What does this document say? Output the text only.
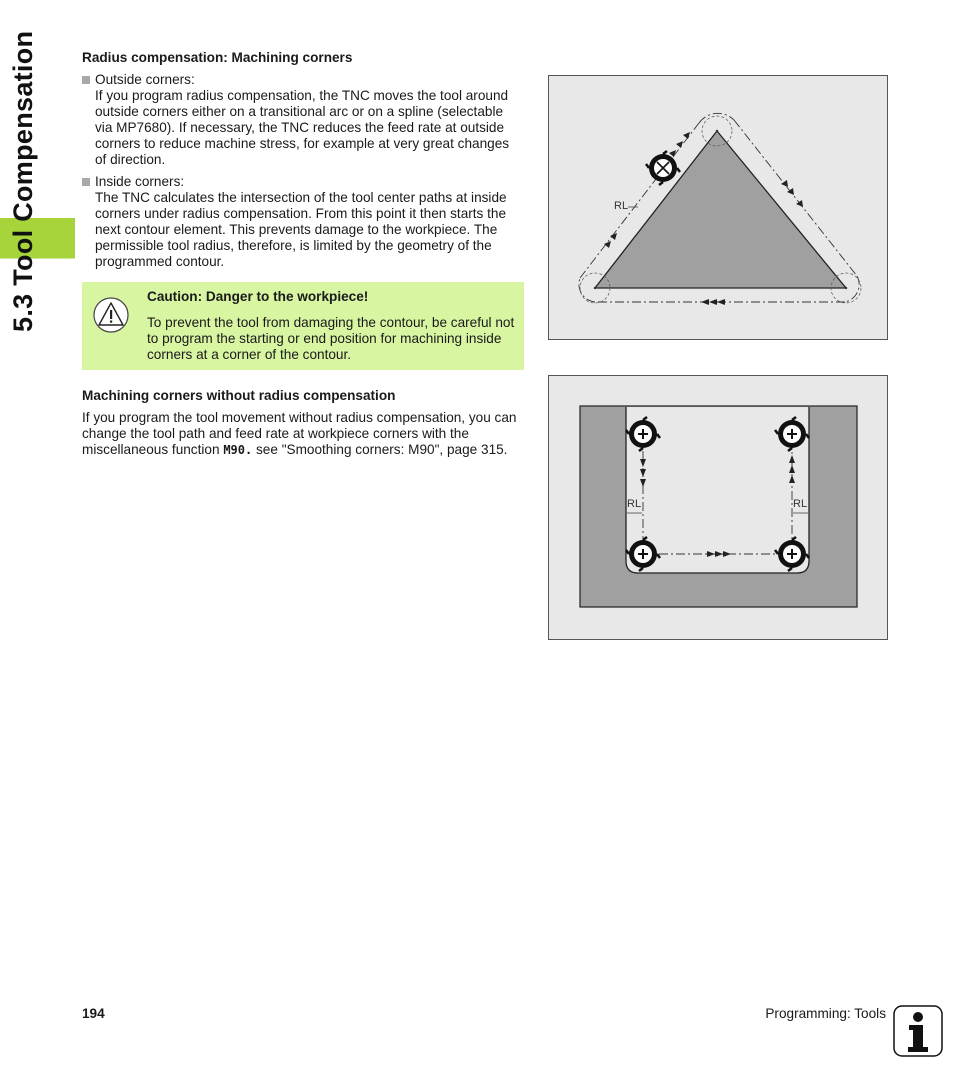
5.3 Tool Compensation	Radius compensation: Machining corners
Outside corners:
If you program radius compensation, the TNC moves the tool around outside corners either on a transitional arc or on a spline (selectable via MP7680). If necessary, the TNC reduces the feed rate at outside corners to reduce machine stress, for example at very great changes of direction.
Inside corners:
The TNC calculates the intersection of the tool center paths at inside corners under radius compensation. From this point it then starts the next contour element. This prevents damage to the workpiece. The permissible tool radius, therefore, is limited by the geometry of the programmed contour.
Caution: Danger to the workpiece!
To prevent the tool from damaging the contour, be careful not to program the starting or end position for machining inside corners at a corner of the contour.
Machining corners without radius compensation

If you program the tool movement without radius compensation, you can change the tool path and feed rate at workpiece corners with the miscellaneous function M90. see "Smoothing corners: M90", page 315.

RL
RL	RL
194	Programming: Tools
